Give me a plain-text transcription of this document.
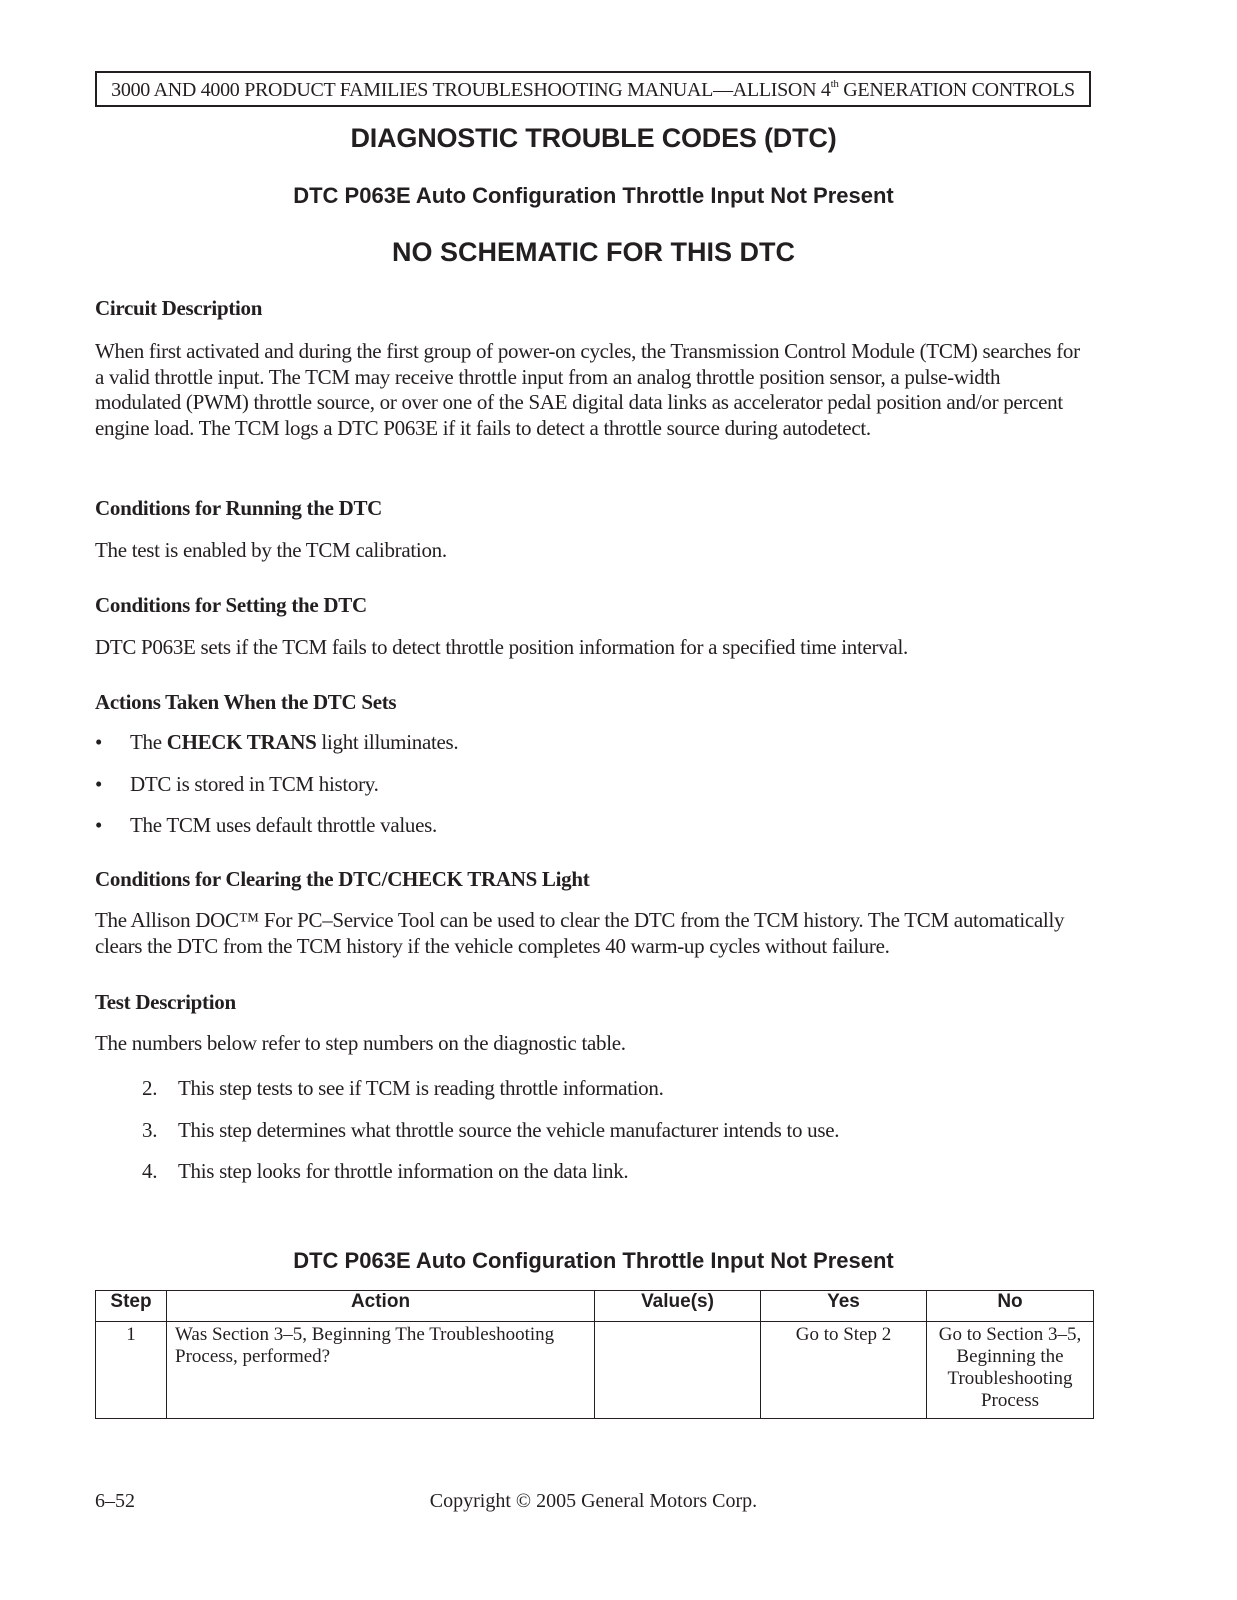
3000 AND 4000 PRODUCT FAMILIES TROUBLESHOOTING MANUAL—ALLISON 4th GENERATION CONTROLS
DIAGNOSTIC TROUBLE CODES (DTC)
DTC P063E Auto Configuration Throttle Input Not Present
NO SCHEMATIC FOR THIS DTC
Circuit Description
When first activated and during the first group of power-on cycles, the Transmission Control Module (TCM) searches for a valid throttle input. The TCM may receive throttle input from an analog throttle position sensor, a pulse-width modulated (PWM) throttle source, or over one of the SAE digital data links as accelerator pedal position and/or percent engine load. The TCM logs a DTC P063E if it fails to detect a throttle source during autodetect.
Conditions for Running the DTC
The test is enabled by the TCM calibration.
Conditions for Setting the DTC
DTC P063E sets if the TCM fails to detect throttle position information for a specified time interval.
Actions Taken When the DTC Sets
• The CHECK TRANS light illuminates.
• DTC is stored in TCM history.
• The TCM uses default throttle values.
Conditions for Clearing the DTC/CHECK TRANS Light
The Allison DOC™ For PC–Service Tool can be used to clear the DTC from the TCM history. The TCM automatically clears the DTC from the TCM history if the vehicle completes 40 warm-up cycles without failure.
Test Description
The numbers below refer to step numbers on the diagnostic table.
2. This step tests to see if TCM is reading throttle information.
3. This step determines what throttle source the vehicle manufacturer intends to use.
4. This step looks for throttle information on the data link.
DTC P063E Auto Configuration Throttle Input Not Present
Step	Action	Value(s)	Yes	No
1	Was Section 3–5, Beginning The Troubleshooting Process, performed?		Go to Step 2	Go to Section 3–5, Beginning the Troubleshooting Process
6–52	Copyright © 2005 General Motors Corp.
